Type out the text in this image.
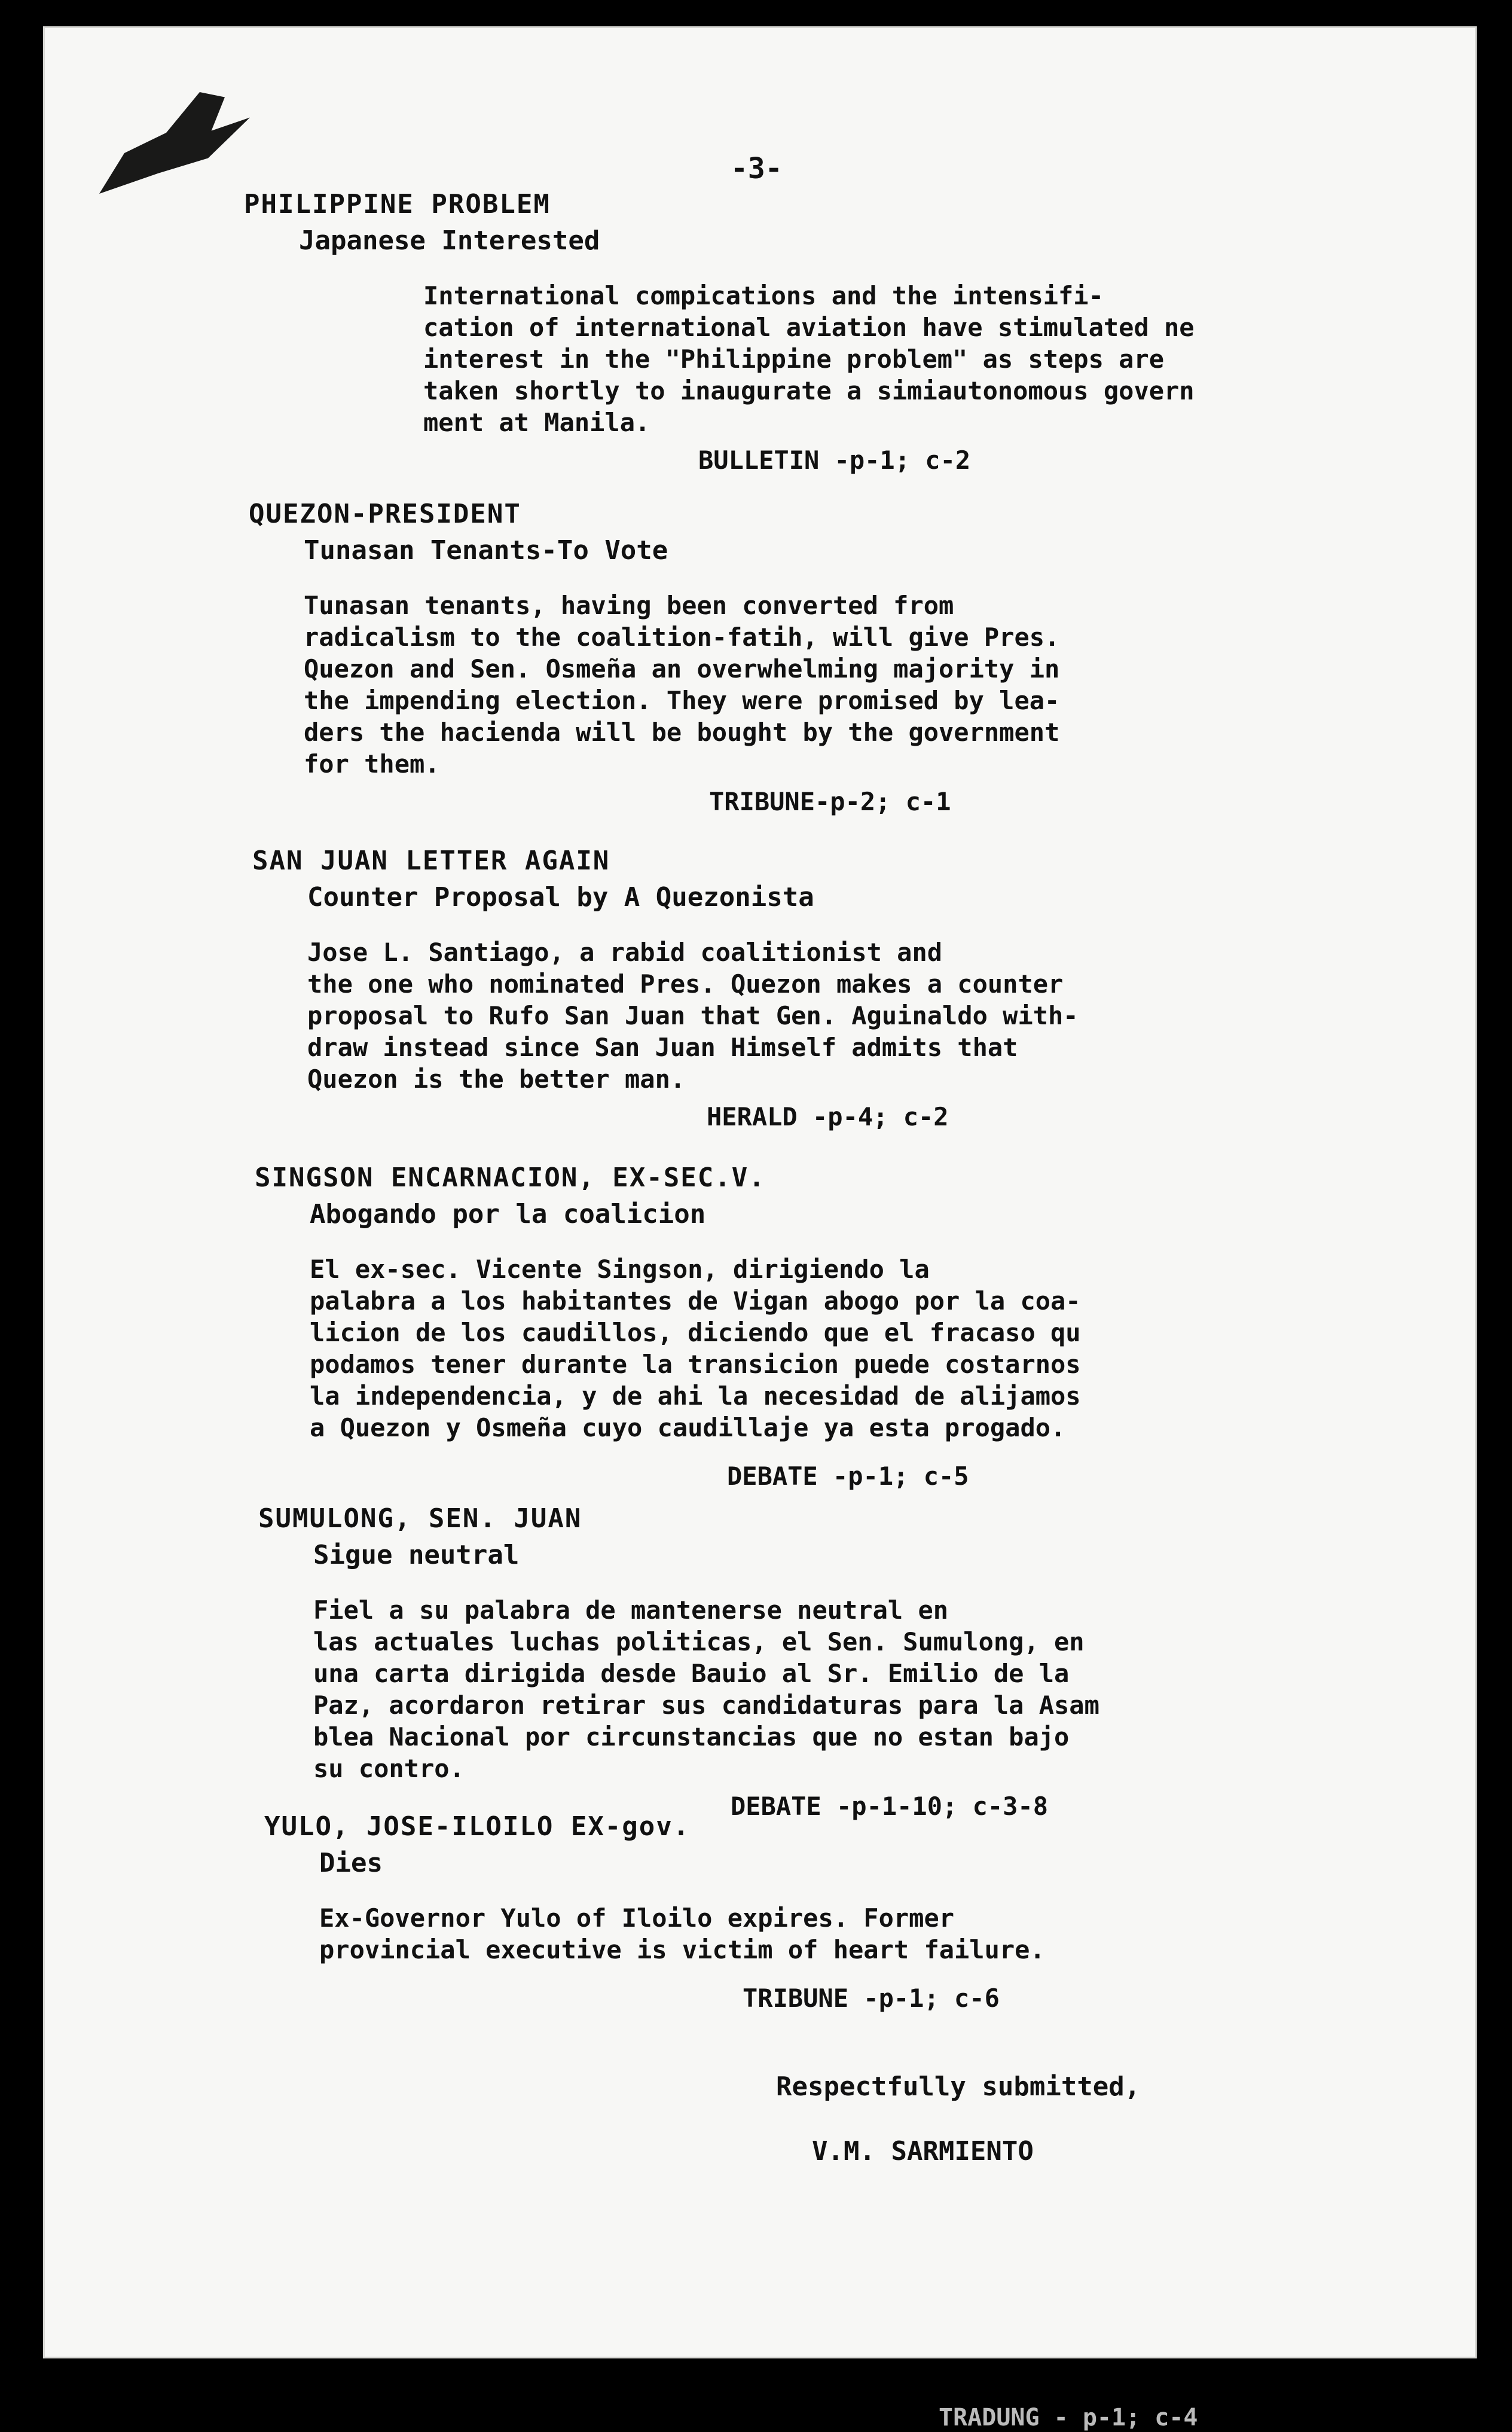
-3-
PHILIPPINE PROBLEM
Japanese Interested
International compications and the intensifi-
cation of international aviation have stimulated ne
interest in the "Philippine problem" as steps are
taken shortly to inaugurate a simiautonomous govern
ment at Manila.
BULLETIN -p-1; c-2
QUEZON-PRESIDENT
Tunasan Tenants-To Vote
Tunasan tenants, having been converted from
radicalism to the coalition-fatih, will give Pres.
Quezon and Sen. Osmeña an overwhelming majority in
the impending election. They were promised by lea-
ders the hacienda will be bought by the government
for them.
TRIBUNE-p-2; c-1
SAN JUAN LETTER AGAIN
Counter Proposal by A Quezonista
Jose L. Santiago, a rabid coalitionist and
the one who nominated Pres. Quezon makes a counter
proposal to Rufo San Juan that Gen. Aguinaldo with-
draw instead since San Juan Himself admits that
Quezon is the better man.
HERALD -p-4; c-2
SINGSON ENCARNACION, EX-SEC.V.
Abogando por la coalicion
El ex-sec. Vicente Singson, dirigiendo la
palabra a los habitantes de Vigan abogo por la coa-
licion de los caudillos, diciendo que el fracaso qu
podamos tener durante la transicion puede costarnos
la independencia, y de ahi la necesidad de alijamos
a Quezon y Osmeña cuyo caudillaje ya esta progado.
DEBATE -p-1; c-5
SUMULONG, SEN. JUAN
Sigue neutral
Fiel a su palabra de mantenerse neutral en
las actuales luchas politicas, el Sen. Sumulong, en
una carta dirigida desde Bauio al Sr. Emilio de la
Paz, acordaron retirar sus candidaturas para la Asam
blea Nacional por circunstancias que no estan bajo
su contro.
DEBATE -p-1-10; c-3-8
YULO, JOSE-ILOILO EX-gov.
Dies
Ex-Governor Yulo of Iloilo expires. Former
provincial executive is victim of heart failure.
TRIBUNE -p-1; c-6
Respectfully submitted,
V.M. SARMIENTO
TRADUNG - p-1; c-4
